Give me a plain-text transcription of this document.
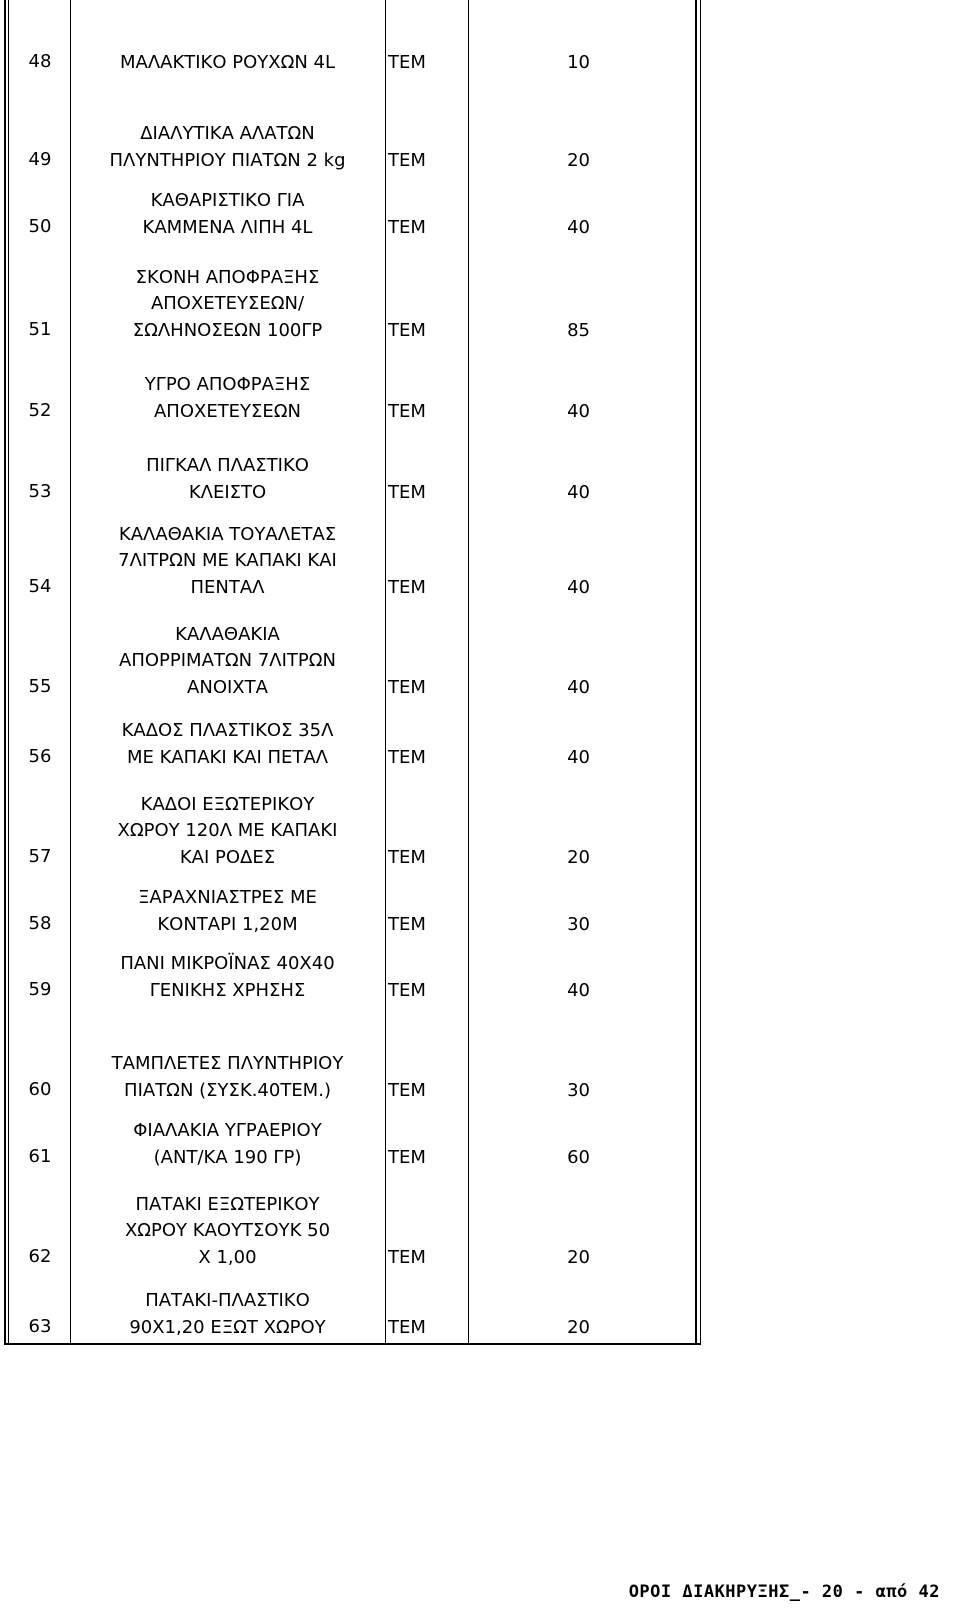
48	ΜΑΛΑΚΤΙΚΟ ΡΟΥΧΩΝ 4L	ΤΕΜ	10
49
ΔΙΑΛΥΤΙΚΑ ΑΛΑΤΩΝ
ΠΛΥΝΤΗΡΙΟΥ ΠΙΑΤΩΝ 2 kg	ΤΕΜ	20
50
ΚΑΘΑΡΙΣΤΙΚΟ ΓΙΑ
ΚΑΜΜΕΝΑ ΛΙΠΗ 4L	ΤΕΜ	40
51
ΣΚΟΝΗ ΑΠΟΦΡΑΞΗΣ
ΑΠΟΧΕΤΕΥΣΕΩΝ/
ΣΩΛΗΝΟΣΕΩΝ 100ΓΡ	ΤΕΜ	85
52
ΥΓΡΟ ΑΠΟΦΡΑΞΗΣ
ΑΠΟΧΕΤΕΥΣΕΩΝ	ΤΕΜ	40
53
ΠΙΓΚΑΛ ΠΛΑΣΤΙΚΟ
ΚΛΕΙΣΤΟ	ΤΕΜ	40
54
ΚΑΛΑΘΑΚΙΑ ΤΟΥΑΛΕΤΑΣ
7ΛΙΤΡΩΝ ΜΕ ΚΑΠΑΚΙ ΚΑΙ
ΠΕΝΤΑΛ	ΤΕΜ	40
55
ΚΑΛΑΘΑΚΙΑ
ΑΠΟΡΡΙΜΑΤΩΝ 7ΛΙΤΡΩΝ
ΑΝΟΙΧΤΑ	ΤΕΜ	40
56
ΚΑΔΟΣ ΠΛΑΣΤΙΚΟΣ 35Λ
ΜΕ ΚΑΠΑΚΙ ΚΑΙ ΠΕΤΑΛ	ΤΕΜ	40
57
ΚΑΔΟΙ ΕΞΩΤΕΡΙΚΟΥ
ΧΩΡΟΥ 120Λ ΜΕ ΚΑΠΑΚΙ
ΚΑΙ ΡΟΔΕΣ	ΤΕΜ	20
58
ΞΑΡΑΧΝΙΑΣΤΡΕΣ ΜΕ
ΚΟΝΤΑΡΙ 1,20Μ	ΤΕΜ	30
59
ΠΑΝΙ ΜΙΚΡΟΪΝΑΣ 40Χ40
ΓΕΝΙΚΗΣ ΧΡΗΣΗΣ	ΤΕΜ	40
60
ΤΑΜΠΛΕΤΕΣ ΠΛΥΝΤΗΡΙΟΥ
ΠΙΑΤΩΝ (ΣΥΣΚ.40ΤΕΜ.)	ΤΕΜ	30
61
ΦΙΑΛΑΚΙΑ ΥΓΡΑΕΡΙΟΥ
(ΑΝΤ/ΚΑ 190 ΓΡ)	ΤΕΜ	60
62
ΠΑΤΑΚΙ ΕΞΩΤΕΡΙΚΟΥ
ΧΩΡΟΥ ΚΑΟΥΤΣΟΥΚ 50
Χ 1,00	ΤΕΜ	20
63
ΠΑΤΑΚΙ-ΠΛΑΣΤΙΚΟ
90Χ1,20 ΕΞΩΤ ΧΩΡΟΥ	ΤΕΜ	20
ΟΡΟΙ ΔΙΑΚΗΡΥΞΗΣ_- 20 - από 42
